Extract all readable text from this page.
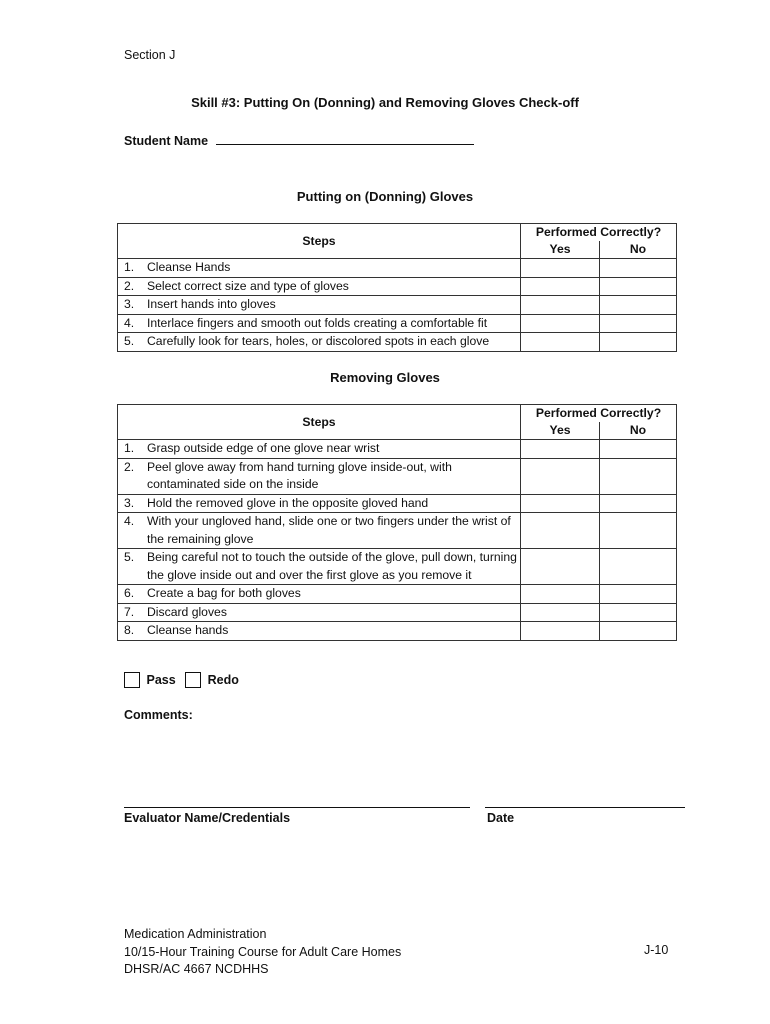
Section J
Skill #3: Putting On (Donning) and Removing Gloves Check-off
Student Name
Putting on (Donning) Gloves
Steps	Performed Correctly?	
	Yes	No
1. Cleanse Hands		
2. Select correct size and type of gloves		
3. Insert hands into gloves		
4. Interlace fingers and smooth out folds creating a comfortable fit		
5. Carefully look for tears, holes, or discolored spots in each glove		
Removing Gloves
Steps	Performed Correctly?	
	Yes	No
1. Grasp outside edge of one glove near wrist		
2. Peel glove away from hand turning glove inside-out, with contaminated side on the inside		
3. Hold the removed glove in the opposite gloved hand		
4. With your ungloved hand, slide one or two fingers under the wrist of the remaining glove		
5. Being careful not to touch the outside of the glove, pull down, turning the glove inside out and over the first glove as you remove it		
6. Create a bag for both gloves		
7. Discard gloves		
8. Cleanse hands		
Pass	Redo
Comments:
Evaluator Name/Credentials	Date
Medication Administration
10/15-Hour Training Course for Adult Care Homes
DHSR/AC 4667 NCDHHS
J-10
